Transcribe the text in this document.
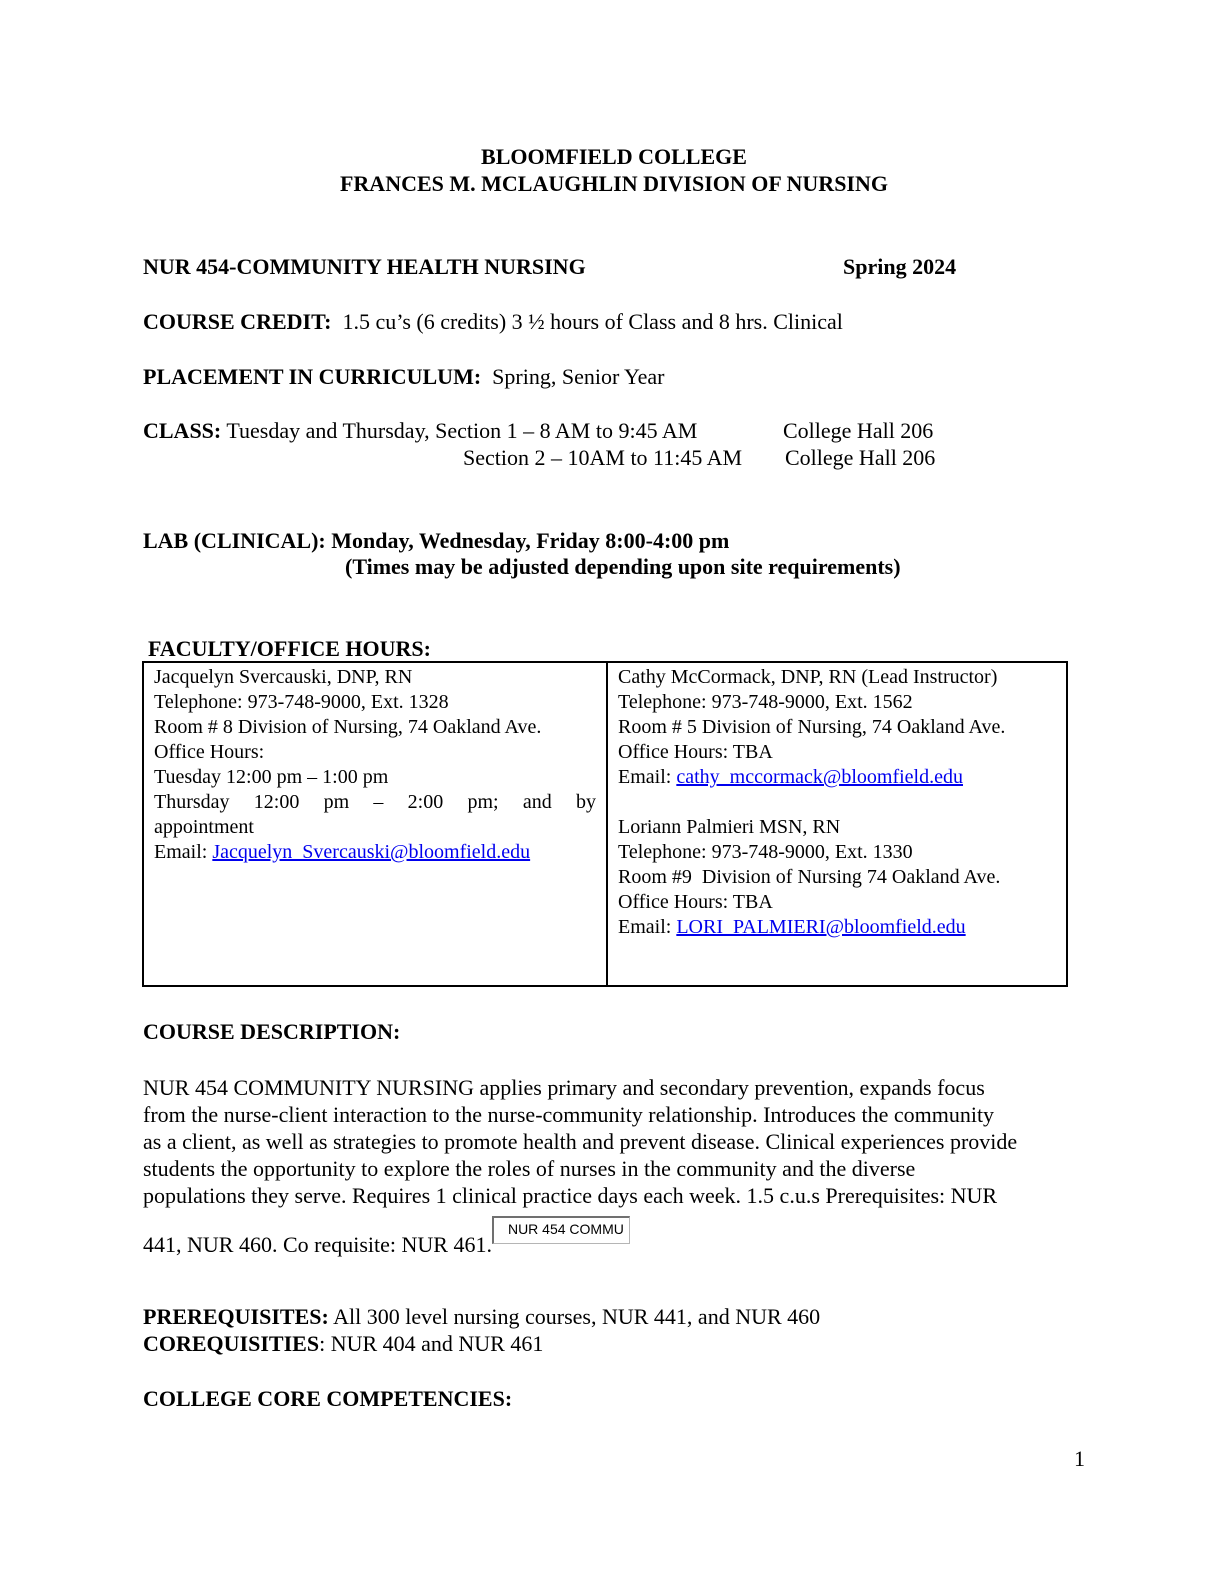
BLOOMFIELD COLLEGE
FRANCES M. MCLAUGHLIN DIVISION OF NURSING
NUR 454-COMMUNITY HEALTH NURSING	Spring 2024
COURSE CREDIT: 1.5 cu’s (6 credits) 3 ½ hours of Class and 8 hrs. Clinical
PLACEMENT IN CURRICULUM: Spring, Senior Year
CLASS: Tuesday and Thursday, Section 1 – 8 AM to 9:45 AM	College Hall 206
Section 2 – 10AM to 11:45 AM College Hall 206
LAB (CLINICAL): Monday, Wednesday, Friday 8:00-4:00 pm
(Times may be adjusted depending upon site requirements)
FACULTY/OFFICE HOURS:
Jacquelyn Svercauski, DNP, RN
Telephone: 973-748-9000, Ext. 1328
Room # 8 Division of Nursing, 74 Oakland Ave.
Office Hours:
Tuesday 12:00 pm – 1:00 pm
Thursday 12:00 pm – 2:00 pm; and by
appointment
Email: Jacquelyn_Svercauski@bloomfield.edu
Cathy McCormack, DNP, RN (Lead Instructor)
Telephone: 973-748-9000, Ext. 1562
Room # 5 Division of Nursing, 74 Oakland Ave.
Office Hours: TBA
Email: cathy_mccormack@bloomfield.edu
Loriann Palmieri MSN, RN
Telephone: 973-748-9000, Ext. 1330
Room #9  Division of Nursing 74 Oakland Ave.
Office Hours: TBA
Email: LORI_PALMIERI@bloomfield.edu
COURSE DESCRIPTION:
NUR 454 COMMUNITY NURSING applies primary and secondary prevention, expands focus
from the nurse-client interaction to the nurse-community relationship. Introduces the community
as a client, as well as strategies to promote health and prevent disease. Clinical experiences provide
students the opportunity to explore the roles of nurses in the community and the diverse
populations they serve. Requires 1 clinical practice days each week. 1.5 c.u.s Prerequisites: NUR
441, NUR 460. Co requisite: NUR 461.NUR 454 COMMU
PREREQUISITES: All 300 level nursing courses, NUR 441, and NUR 460
COREQUISITIES: NUR 404 and NUR 461
COLLEGE CORE COMPETENCIES:
1
